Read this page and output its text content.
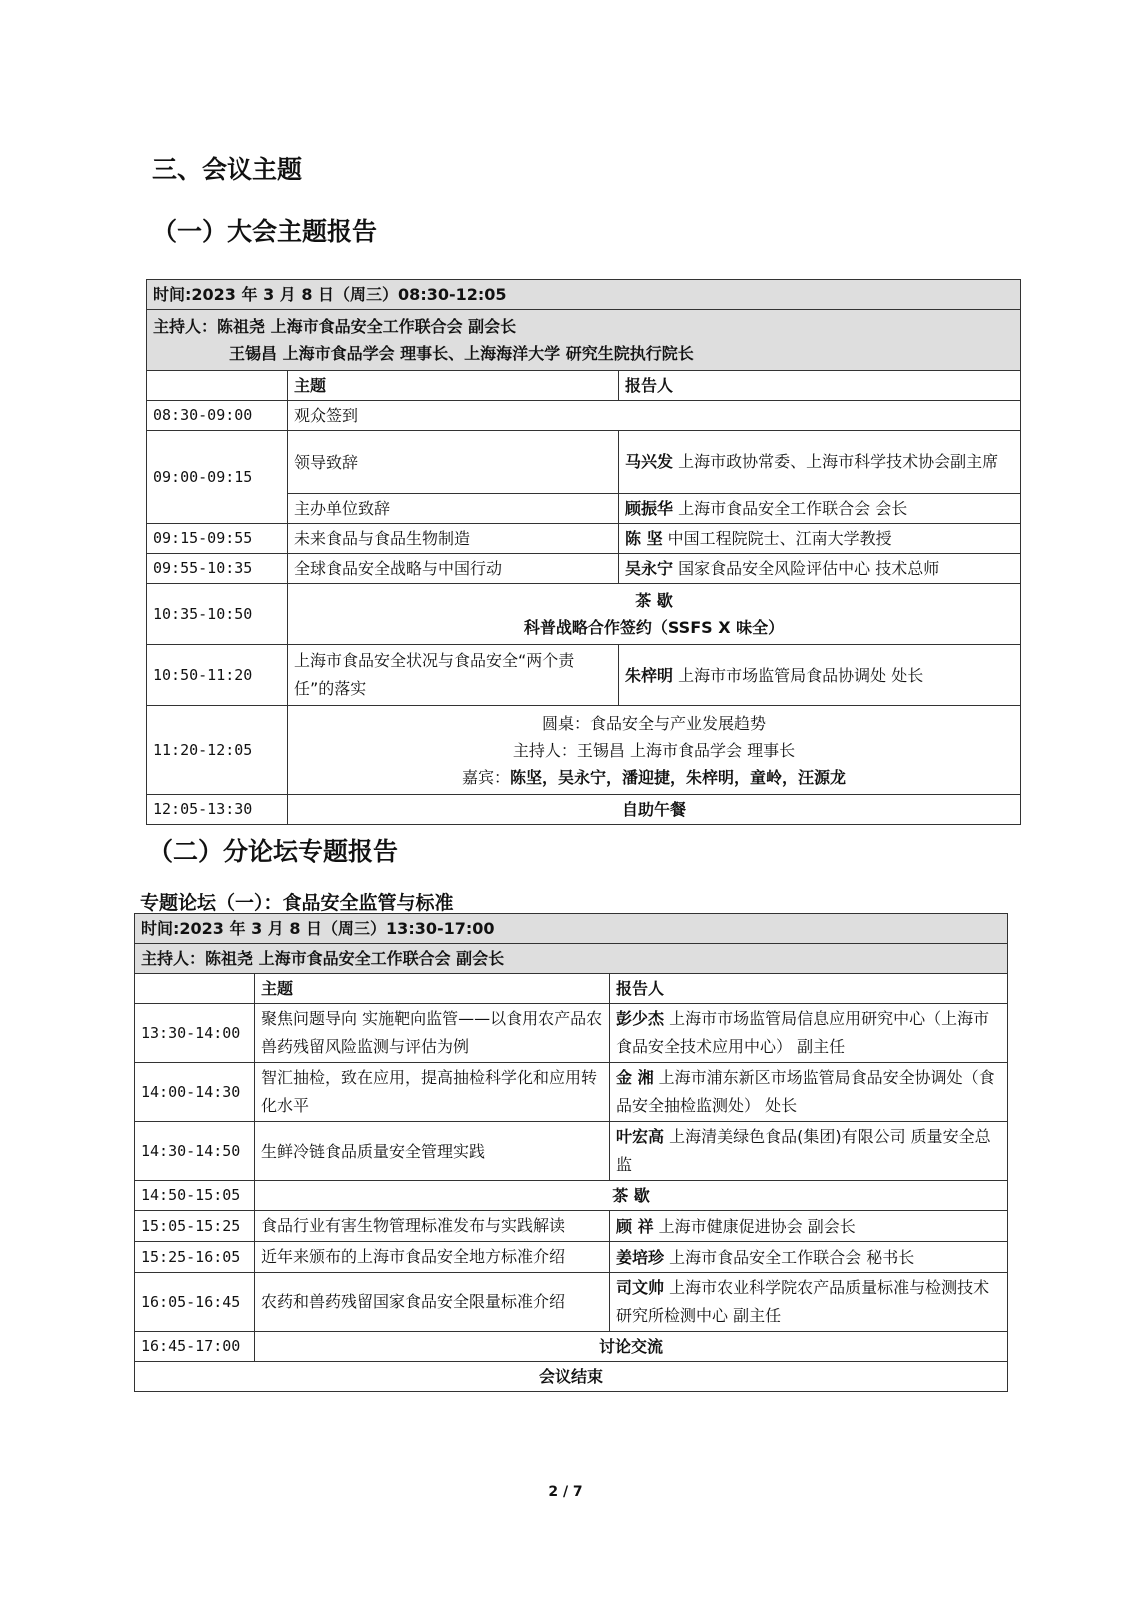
三、会议主题
（一）大会主题报告
时间:2023 年 3 月 8 日（周三）08:30-12:05		

主持人：陈祖尧 上海市食品安全工作联合会 副会长
王锡昌 上海市食品学会 理事长、上海海洋大学 研究生院执行院长		

	主题	报告人
08:30-09:00	观众签到	
09:00-09:15	领导致辞	马兴发 上海市政协常委、上海市科学技术协会副主席
	主办单位致辞	顾振华 上海市食品安全工作联合会 会长
09:15-09:55	未来食品与食品生物制造	陈 坚 中国工程院院士、江南大学教授
09:55-10:35	全球食品安全战略与中国行动	吴永宁 国家食品安全风险评估中心 技术总师
10:35-10:50	茶 歇
科普战略合作签约（SSFS X 味全）	

10:50-11:20	上海市食品安全状况与食品安全“两个责任”的落实	朱梓明 上海市市场监管局食品协调处 处长
11:20-12:05	圆桌：食品安全与产业发展趋势
主持人：王锡昌 上海市食品学会 理事长
嘉宾：陈坚，吴永宁，潘迎捷，朱梓明，童岭，汪源龙	

12:05-13:30	自助午餐	
（二）分论坛专题报告
专题论坛（一）：食品安全监管与标准
时间:2023 年 3 月 8 日（周三）13:30-17:00		
主持人：陈祖尧 上海市食品安全工作联合会 副会长		
	主题	报告人
13:30-14:00	聚焦问题导向 实施靶向监管——以食用农产品农兽药残留风险监测与评估为例	彭少杰 上海市市场监管局信息应用研究中心（上海市食品安全技术应用中心） 副主任
14:00-14:30	智汇抽检，致在应用，提高抽检科学化和应用转化水平	金 湘 上海市浦东新区市场监管局食品安全协调处（食品安全抽检监测处） 处长
14:30-14:50	生鲜冷链食品质量安全管理实践	叶宏高 上海清美绿色食品(集团)有限公司 质量安全总监
14:50-15:05	茶 歇	
15:05-15:25	食品行业有害生物管理标准发布与实践解读	顾 祥 上海市健康促进协会 副会长
15:25-16:05	近年来颁布的上海市食品安全地方标准介绍	姜培珍 上海市食品安全工作联合会 秘书长
16:05-16:45	农药和兽药残留国家食品安全限量标准介绍	司文帅 上海市农业科学院农产品质量标准与检测技术研究所检测中心 副主任
16:45-17:00	讨论交流	
会议结束		
2 / 7
